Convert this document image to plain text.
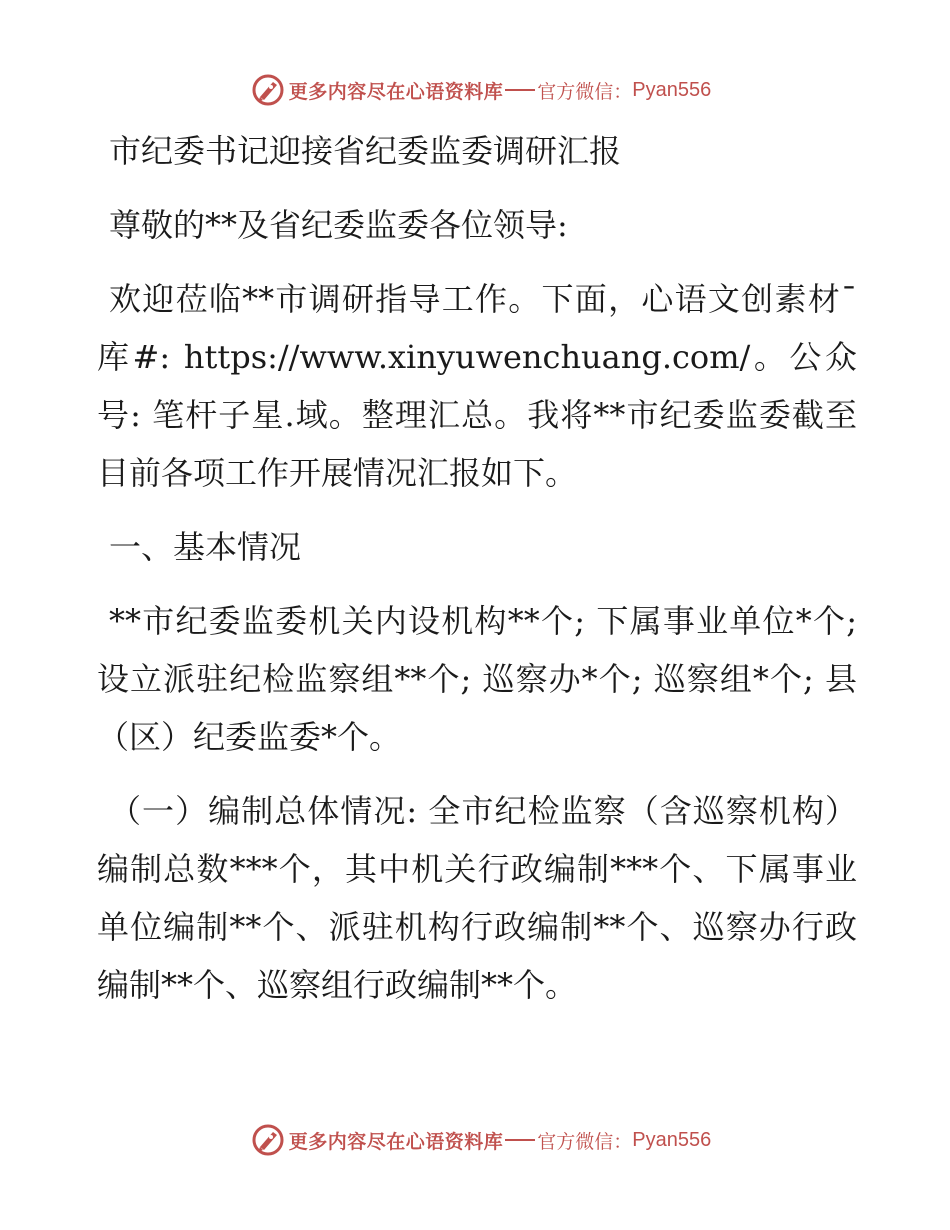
更多内容尽在心语资料库 官方微信： Pyan556

市纪委书记迎接省纪委监委调研汇报

尊敬的**及省纪委监委各位领导:

欢迎莅临**市调研指导工作。下面，心语文创素材¯库#: https://www.xinyuwenchuang.com/。公众号: 笔杆子星.域。整理汇总。我将**市纪委监委截至目前各项工作开展情况汇报如下。

一、基本情况

**市纪委监委机关内设机构**个; 下属事业单位*个; 设立派驻纪检监察组**个; 巡察办*个; 巡察组*个; 县（区）纪委监委*个。

（一）编制总体情况: 全市纪检监察（含巡察机构）编制总数***个，其中机关行政编制***个、下属事业单位编制**个、派驻机构行政编制**个、巡察办行政编制**个、巡察组行政编制**个。

更多内容尽在心语资料库 官方微信： Pyan556
